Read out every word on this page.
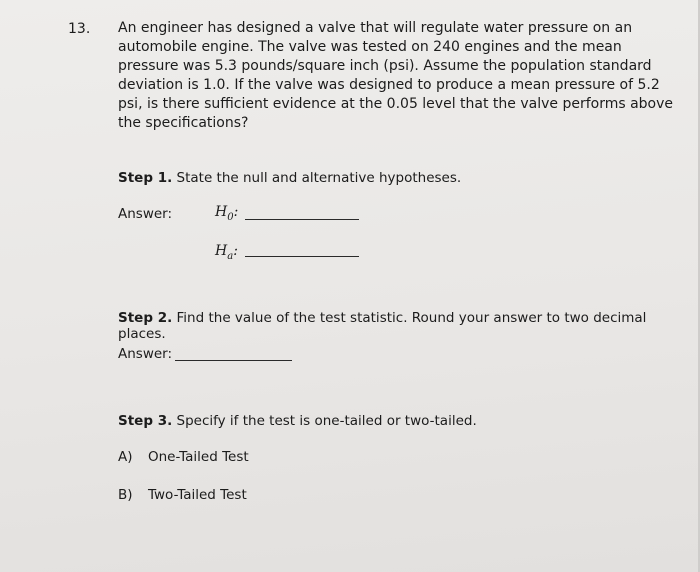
13. An engineer has designed a valve that will regulate water pressure on an automobile engine. The valve was tested on 240 engines and the mean pressure was 5.3 pounds/square inch (psi). Assume the population standard deviation is 1.0. If the valve was designed to produce a mean pressure of 5.2 psi, is there sufficient evidence at the 0.05 level that the valve performs above the specifications?
Step 1. State the null and alternative hypotheses.
Answer:	$H_0$:
$H_a$:
Step 2. Find the value of the test statistic. Round your answer to two decimal places.
Answer:
Step 3. Specify if the test is one-tailed or two-tailed.
A) One-Tailed Test
B) Two-Tailed Test
